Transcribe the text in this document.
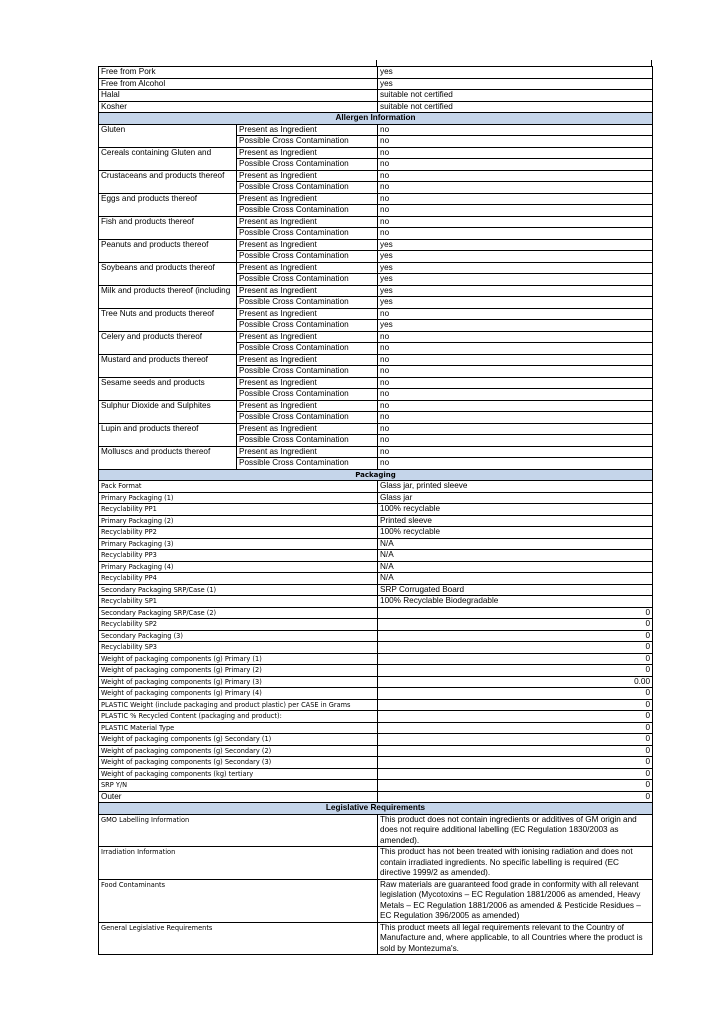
Free from Pork		yes
Free from Alcohol		yes
Halal		suitable not certified
Kosher		suitable not certified
Allergen Information		
Gluten	Present as Ingredient	no
	Possible Cross Contamination	no
Cereals containing Gluten and	Present as Ingredient	no
	Possible Cross Contamination	no
Crustaceans and products thereof	Present as Ingredient	no
	Possible Cross Contamination	no
Eggs and products thereof	Present as Ingredient	no
	Possible Cross Contamination	no
Fish and products thereof	Present as Ingredient	no
	Possible Cross Contamination	no
Peanuts and products thereof	Present as Ingredient	yes
	Possible Cross Contamination	yes
Soybeans and products thereof	Present as Ingredient	yes
	Possible Cross Contamination	yes
Milk and products thereof (including	Present as Ingredient	yes
	Possible Cross Contamination	yes
Tree Nuts and products thereof	Present as Ingredient	no
	Possible Cross Contamination	yes
Celery and products thereof	Present as Ingredient	no
	Possible Cross Contamination	no
Mustard and products thereof	Present as Ingredient	no
	Possible Cross Contamination	no
Sesame seeds and products	Present as Ingredient	no
	Possible Cross Contamination	no
Sulphur Dioxide and Sulphites	Present as Ingredient	no
	Possible Cross Contamination	no
Lupin and products thereof	Present as Ingredient	no
	Possible Cross Contamination	no
Molluscs and products thereof	Present as Ingredient	no
	Possible Cross Contamination	no
Packaging		
Pack Format		Glass jar, printed sleeve
Primary Packaging (1)		Glass jar
Recyclability PP1		100% recyclable
Primary Packaging (2)		Printed sleeve
Recyclability PP2		100% recyclable
Primary Packaging (3)		N/A
Recyclability PP3		N/A
Primary Packaging (4)		N/A
Recyclability PP4		N/A
Secondary Packaging SRP/Case (1)		SRP Corrugated Board
Recyclability SP1		100% Recyclable Biodegradable
Secondary Packaging SRP/Case (2)		0
Recyclability SP2		0
Secondary Packaging (3)		0
Recyclability SP3		0
Weight of packaging components (g) Primary (1)		0
Weight of packaging components (g) Primary (2)		0
Weight of packaging components (g) Primary (3)		0.00
Weight of packaging components (g) Primary (4)		0
PLASTIC Weight (include packaging and product plastic) per CASE in Grams		0
PLASTIC % Recycled Content (packaging and product):		0
PLASTIC Material Type		0
Weight of packaging components (g) Secondary (1)		0
Weight of packaging components (g) Secondary (2)		0
Weight of packaging components (g) Secondary (3)		0
Weight of packaging components (kg) tertiary		0
SRP Y/N		0
Outer		0
Legislative Requirements		
GMO Labelling Information		This product does not contain ingredients or additives of GM origin and does not require additional labelling (EC Regulation 1830/2003 as amended).
Irradiation Information		This product has not been treated with ionising radiation and does not contain irradiated ingredients. No specific labelling is required (EC directive 1999/2 as amended).
Food Contaminants		Raw materials are guaranteed food grade in conformity with all relevant legislation (Mycotoxins – EC Regulation 1881/2006 as amended, Heavy Metals – EC Regulation 1881/2006 as amended & Pesticide Residues – EC Regulation 396/2005 as amended)
General Legislative Requirements		This product meets all legal requirements relevant to the Country of Manufacture and, where applicable, to all Countries where the product is sold by Montezuma's.
